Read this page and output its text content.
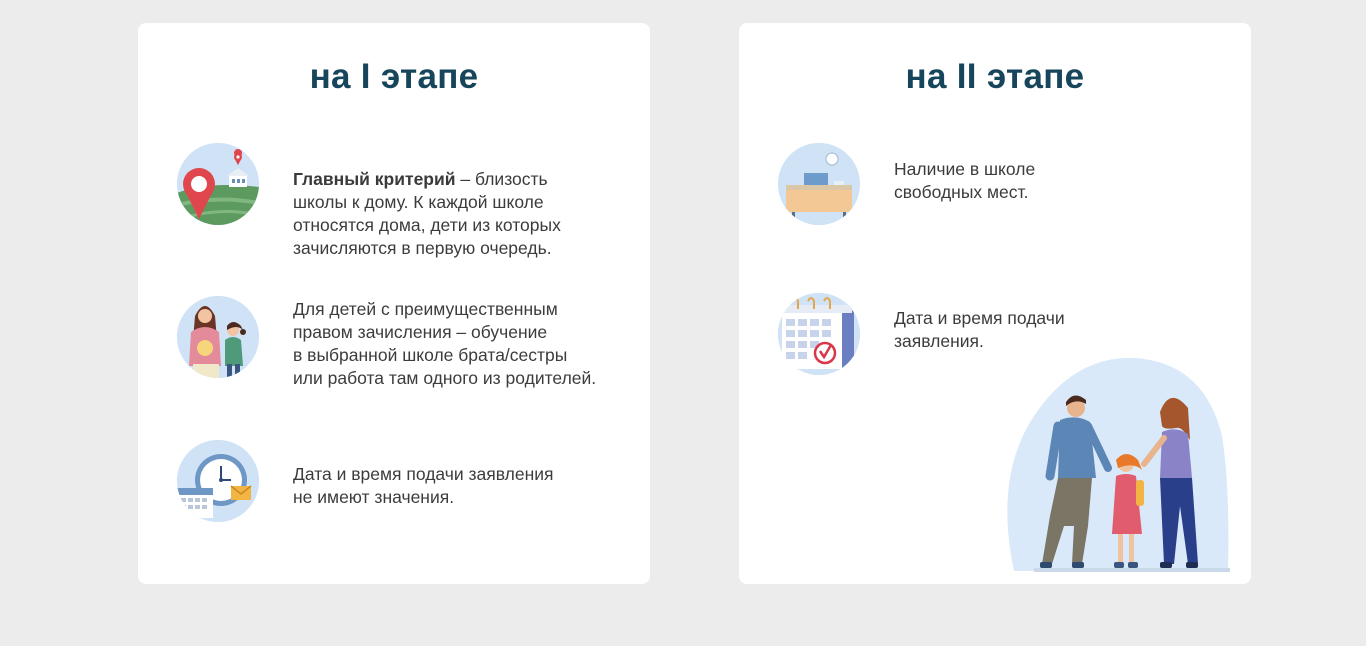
на I этапе
Главный критерий – близость
школы к дому. К каждой школе
относятся дома, дети из которых
зачисляются в первую очередь.
Для детей с преимущественным
правом зачисления – обучение
в выбранной школе брата/сестры
или работа там одного из родителей.
Дата и время подачи заявления
не имеют значения.
на II этапе
Наличие в школе
свободных мест.
Дата и время подачи
заявления.
